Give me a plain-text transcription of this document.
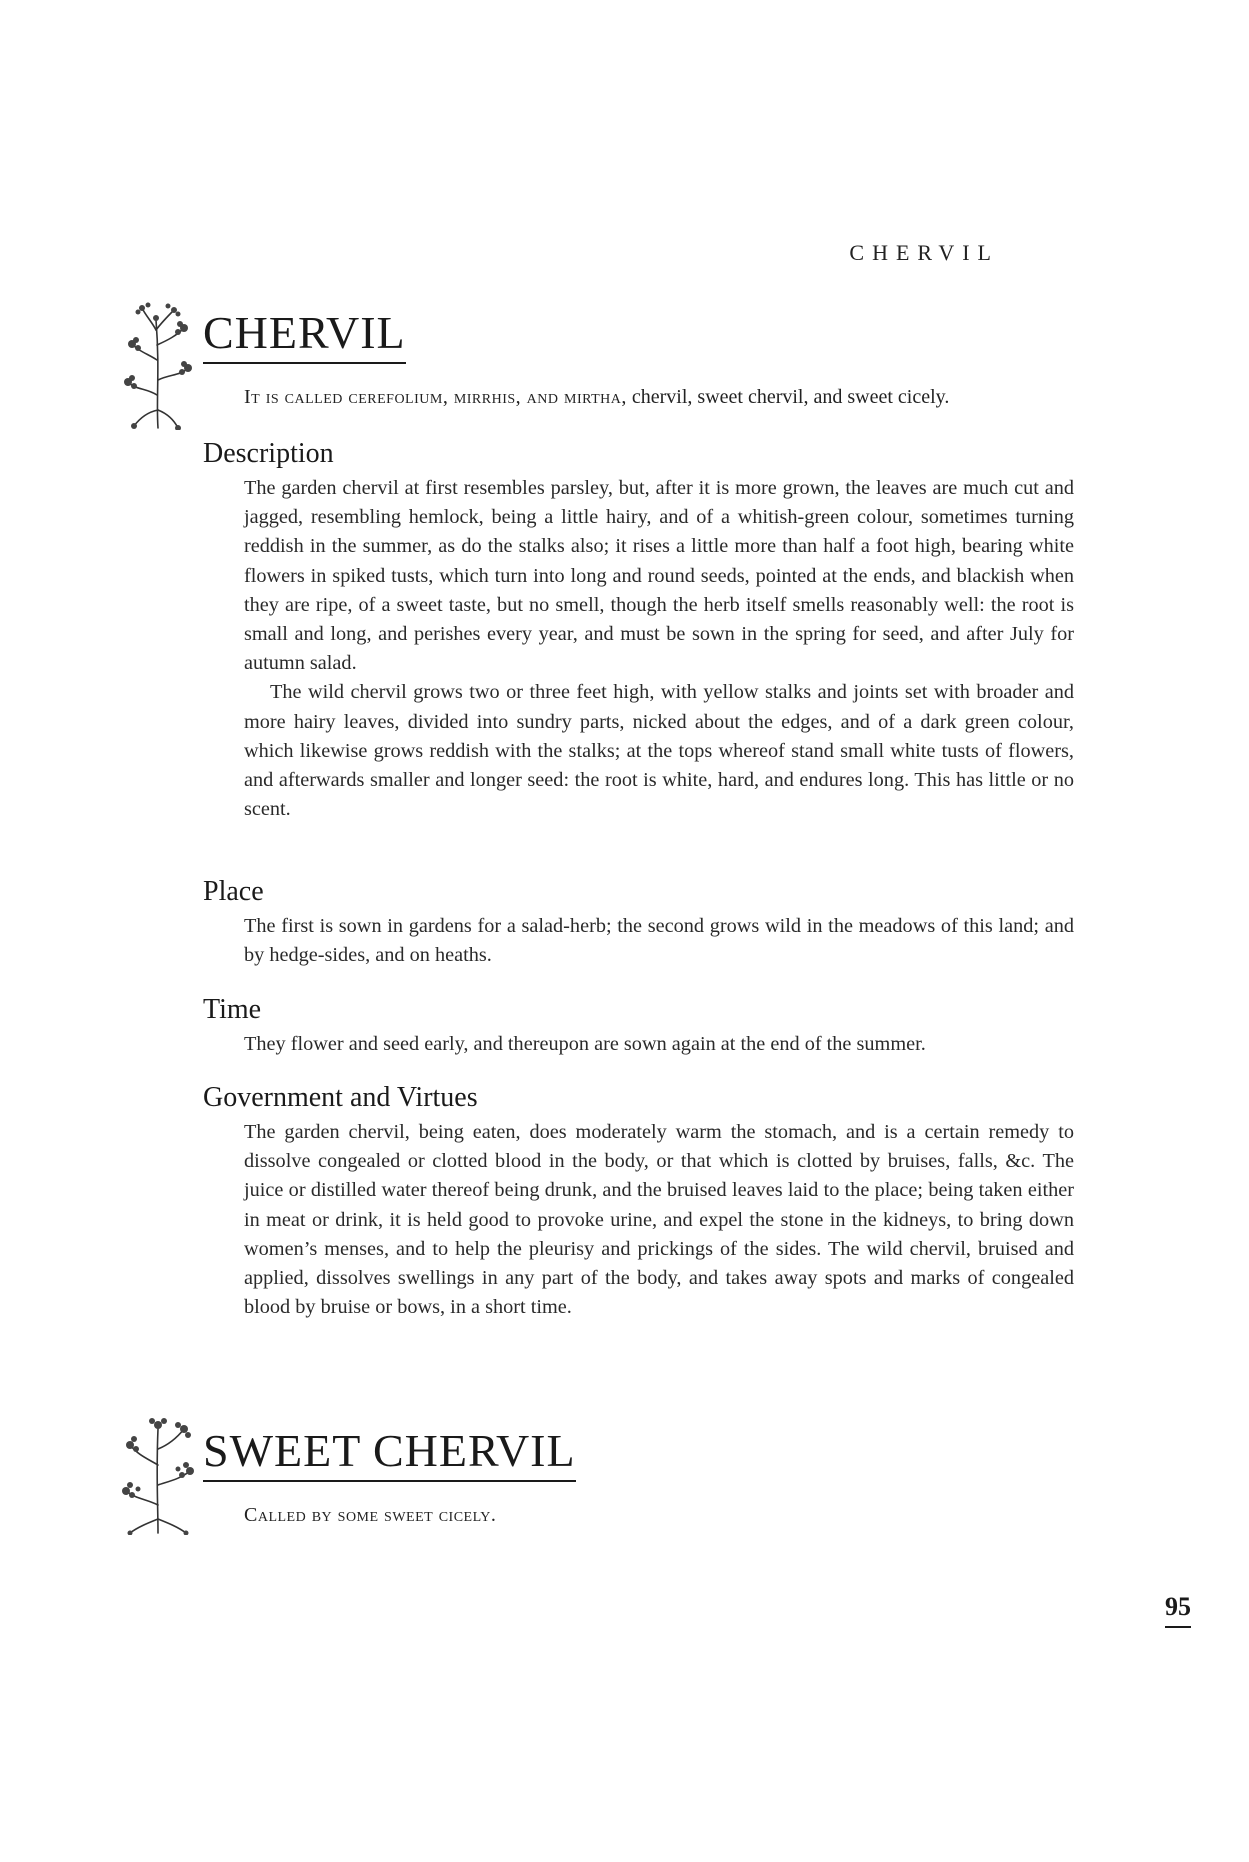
CHERVIL
CHERVIL
It is called cerefolium, mirrhis, and mirtha, chervil, sweet chervil, and sweet cicely.
Description

The garden chervil at first resembles parsley, but, after it is more grown, the leaves are much cut and jagged, resembling hemlock, being a little hairy, and of a whitish-green colour, sometimes turning reddish in the summer, as do the stalks also; it rises a little more than half a foot high, bearing white flowers in spiked tusts, which turn into long and round seeds, pointed at the ends, and blackish when they are ripe, of a sweet taste, but no smell, though the herb itself smells reasonably well: the root is small and long, and perishes every year, and must be sown in the spring for seed, and after July for autumn salad.

The wild chervil grows two or three feet high, with yellow stalks and joints set with broader and more hairy leaves, divided into sundry parts, nicked about the edges, and of a dark green colour, which likewise grows reddish with the stalks; at the tops whereof stand small white tusts of flowers, and afterwards smaller and longer seed: the root is white, hard, and endures long. This has little or no scent.

Place

The first is sown in gardens for a salad-herb; the second grows wild in the meadows of this land; and by hedge-sides, and on heaths.

Time

They flower and seed early, and thereupon are sown again at the end of the summer.

Government and Virtues

The garden chervil, being eaten, does moderately warm the stomach, and is a certain remedy to dissolve congealed or clotted blood in the body, or that which is clotted by bruises, falls, &c. The juice or distilled water thereof being drunk, and the bruised leaves laid to the place; being taken either in meat or drink, it is held good to provoke urine, and expel the stone in the kidneys, to bring down women’s menses, and to help the pleurisy and prickings of the sides. The wild chervil, bruised and applied, dissolves swellings in any part of the body, and takes away spots and marks of congealed blood by bruise or bows, in a short time.

SWEET CHERVIL
Called by some sweet cicely.
95
